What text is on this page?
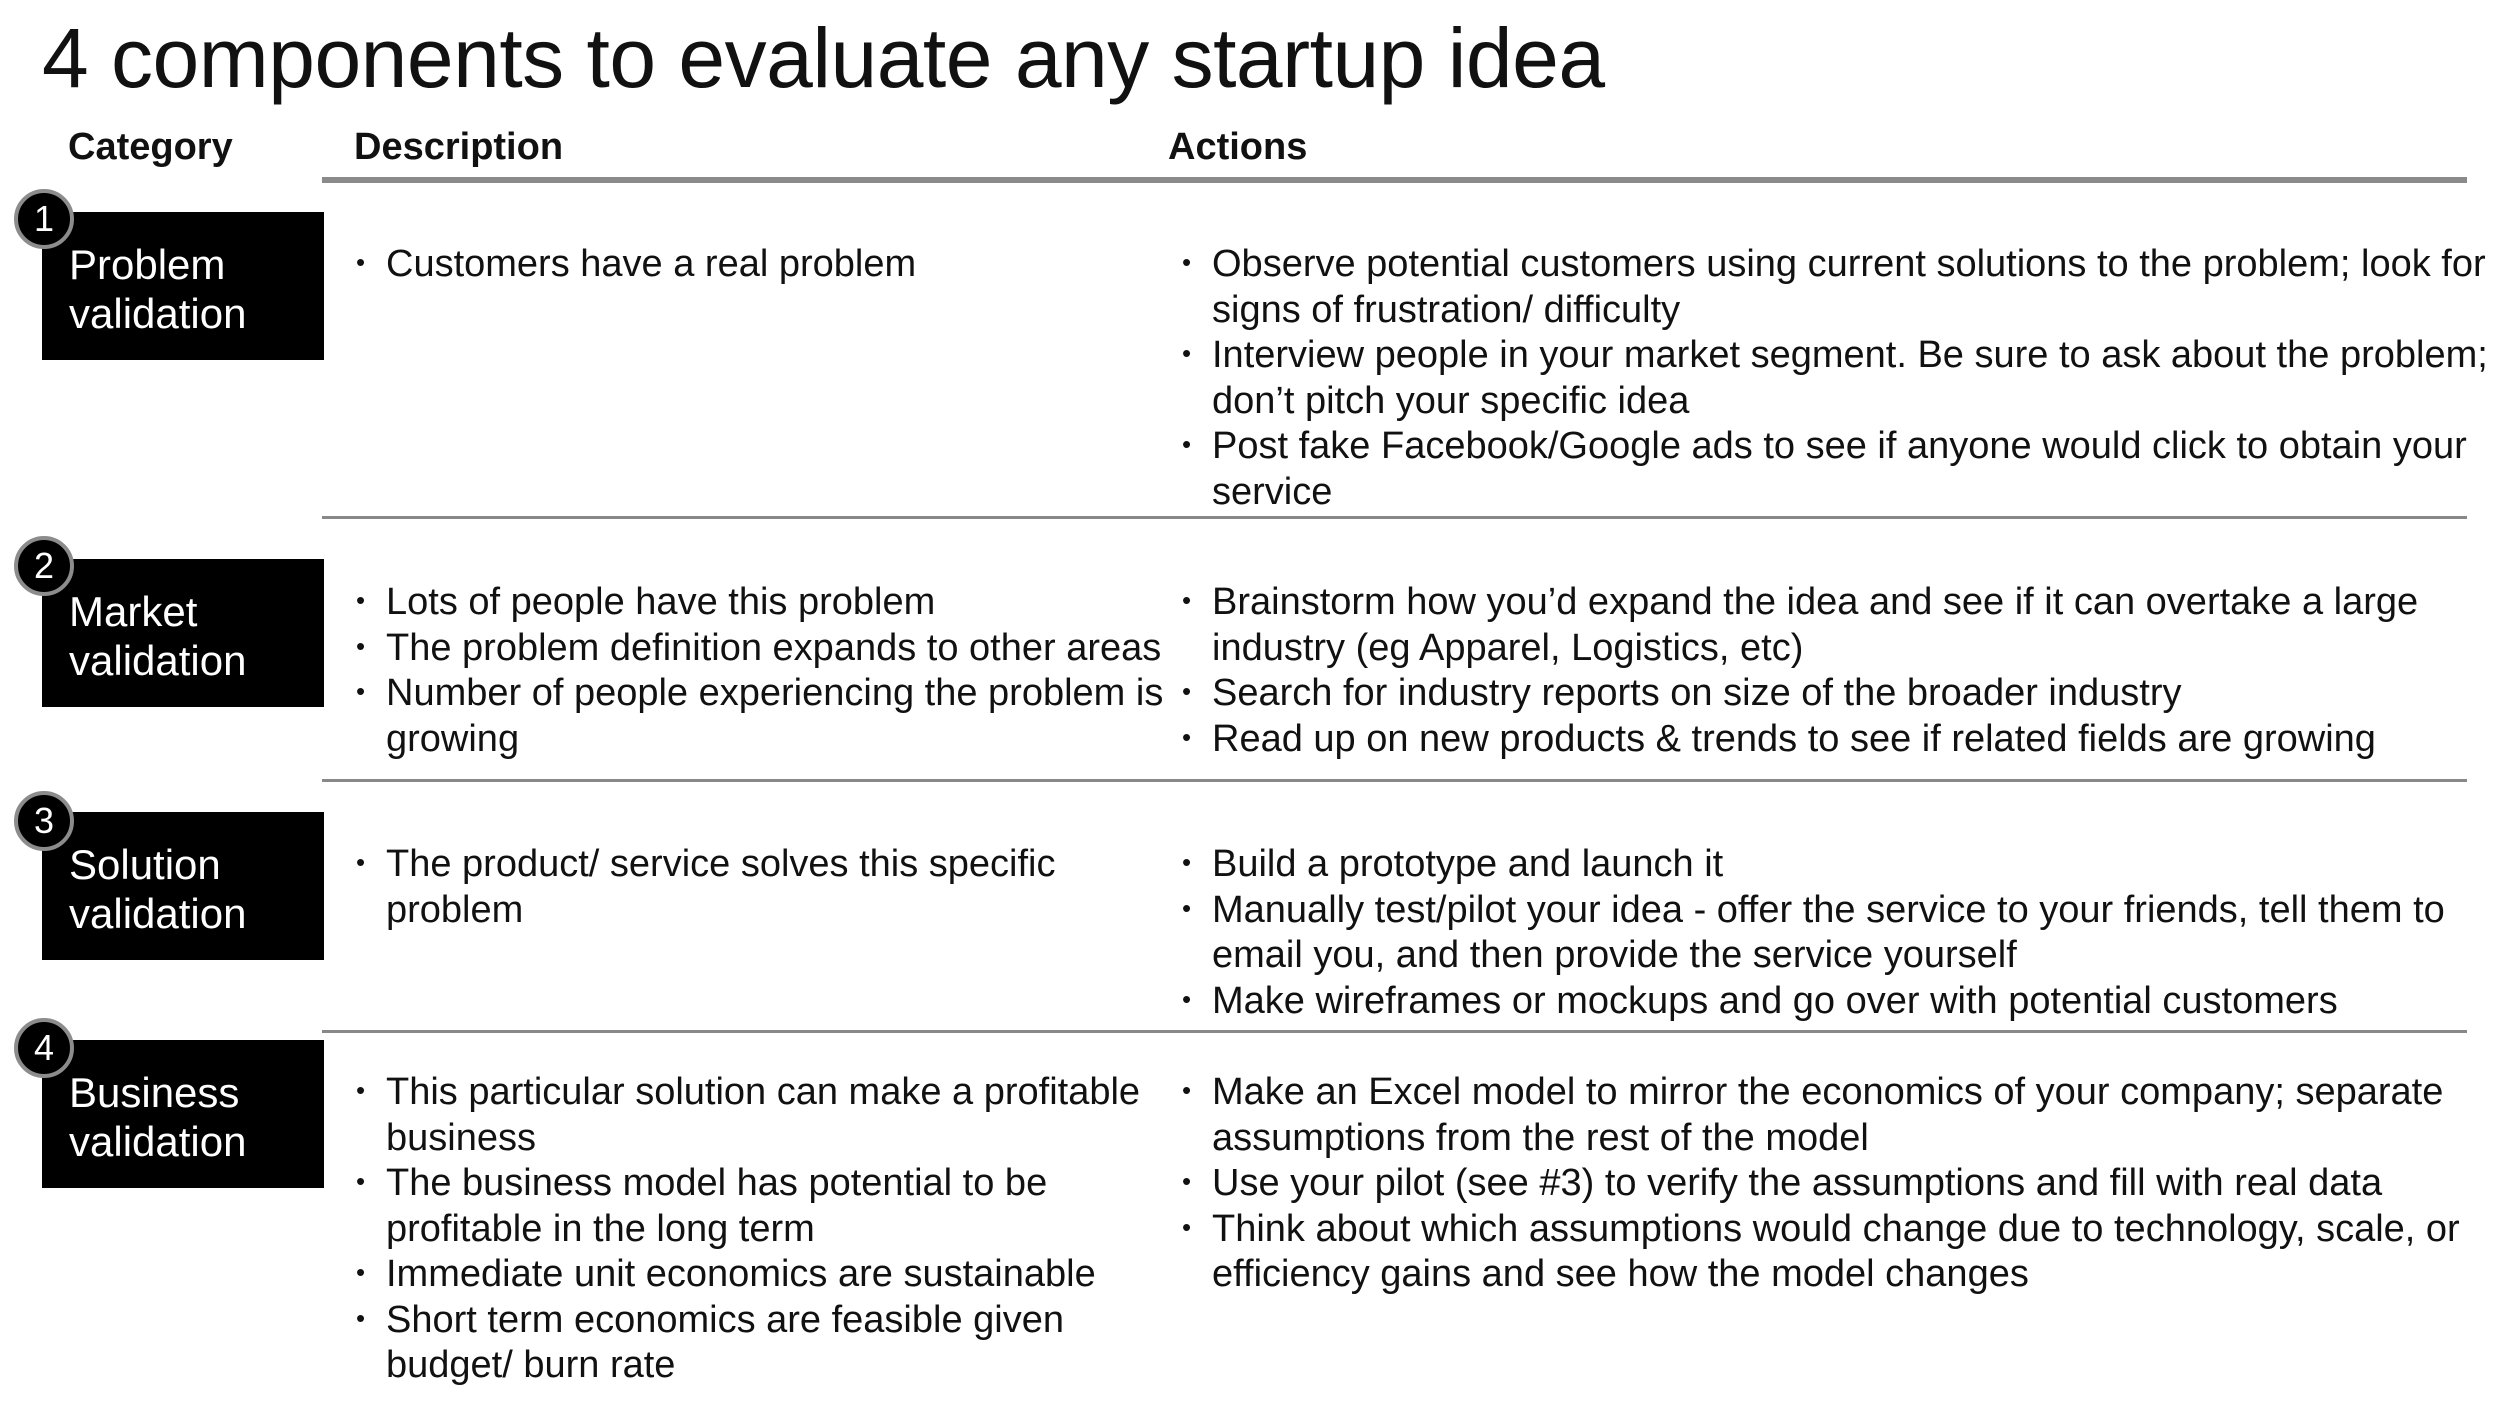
4 components to evaluate any startup idea
Category	Description	Actions
Problem
validation
1
• Customers have a real problem
•	Observe potential customers using current solutions to the problem; look for signs of frustration/ difficulty
• Interview people in your market segment. Be sure to ask about the problem; don’t pitch your specific idea
• Post fake Facebook/Google ads to see if anyone would click to obtain your service
Market
validation
2
• Lots of people have this problem
• The problem definition expands to other areas
• Number of people experiencing the problem is growing
• Brainstorm how you’d expand the idea and see if it can overtake a large industry (eg Apparel, Logistics, etc)
• Search for industry reports on size of the broader industry
• Read up on new products & trends to see if related fields are growing
Solution
validation
3
• The product/ service solves this specific problem
• Build a prototype and launch it
• Manually test/pilot your idea - offer the service to your friends, tell them to email you, and then provide the service yourself
• Make wireframes or mockups and go over with potential customers
Business
validation
4
• This particular solution can make a profitable business
• The business model has potential to be profitable in the long term
• Immediate unit economics are sustainable
• Short term economics are feasible given budget/ burn rate
• Make an Excel model to mirror the economics of your company; separate assumptions from the rest of the model
• Use your pilot (see #3) to verify the assumptions and fill with real data
• Think about which assumptions would change due to technology, scale, or efficiency gains and see how the model changes
